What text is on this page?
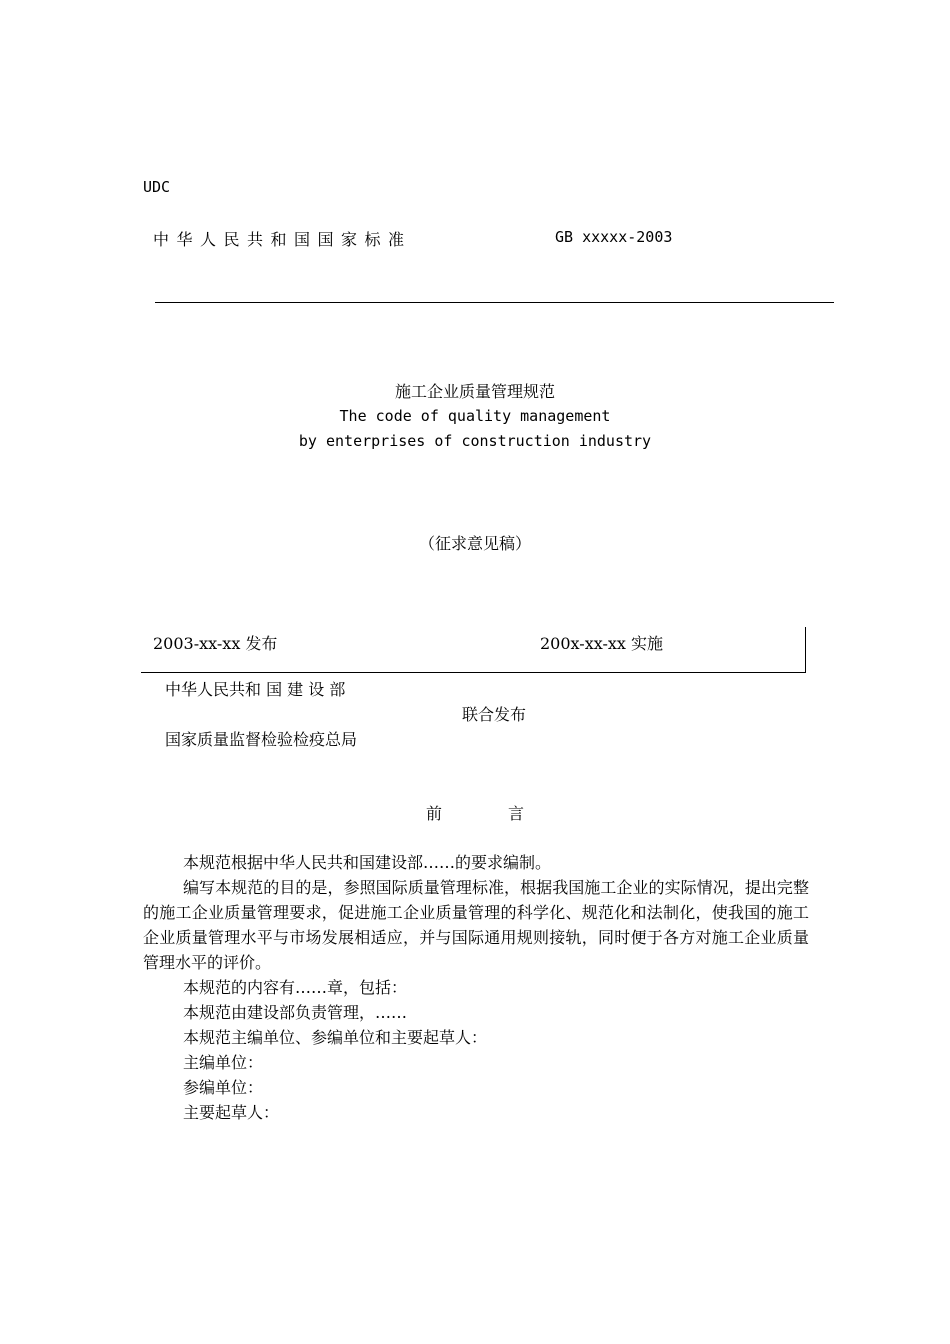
UDC
中华人民共和国国家标准	GB xxxxx-2003
施工企业质量管理规范
The code of quality management
by enterprises of construction industry
（征求意见稿）
2003-xx-xx 发布	200x-xx-xx 实施
中华人民共和 国 建 设 部
联合发布
国家质量监督检验检疫总局
前	言

本规范根据中华人民共和国建设部……的要求编制。

编写本规范的目的是，参照国际质量管理标准，根据我国施工企业的实际情况，提出完整的施工企业质量管理要求，促进施工企业质量管理的科学化、规范化和法制化，使我国的施工企业质量管理水平与市场发展相适应，并与国际通用规则接轨，同时便于各方对施工企业质量管理水平的评价。

本规范的内容有……章，包括：

本规范由建设部负责管理，……

本规范主编单位、参编单位和主要起草人：

主编单位：

参编单位：

主要起草人：
